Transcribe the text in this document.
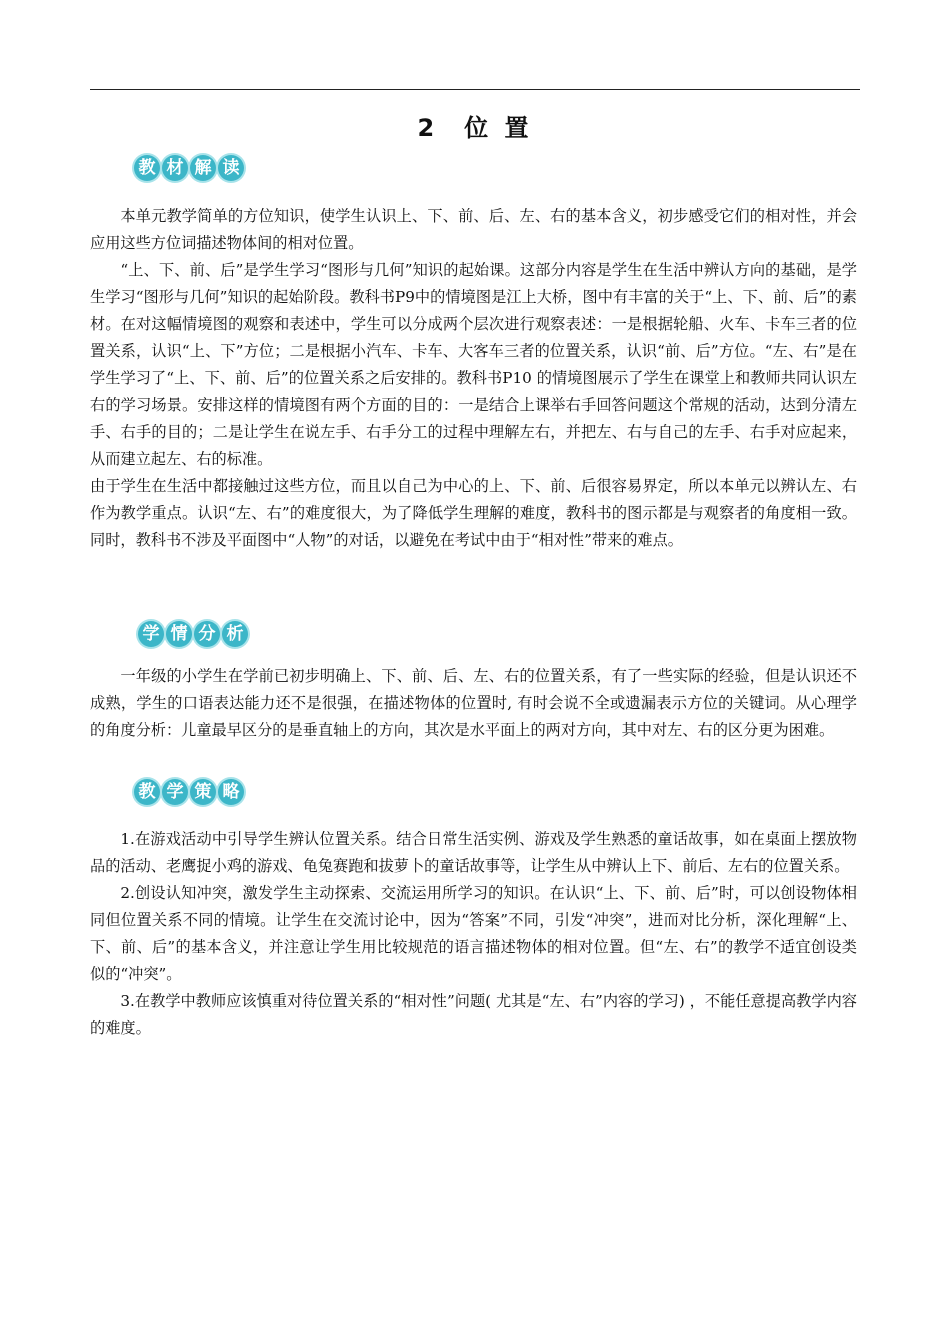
2 位 置
教 材 解 读

本单元教学简单的方位知识，使学生认识上、下、前、后、左、右的基本含义，初步感受它们的相对性，并会应用这些方位词描述物体间的相对位置。

“上、下、前、后”是学生学习“图形与几何”知识的起始课。这部分内容是学生在生活中辨认方向的基础，是学生学习“图形与几何”知识的起始阶段。教科书P9中的情境图是江上大桥，图中有丰富的关于“上、下、前、后”的素材。在对这幅情境图的观察和表述中，学生可以分成两个层次进行观察表述：一是根据轮船、火车、卡车三者的位置关系，认识“上、下”方位；二是根据小汽车、卡车、大客车三者的位置关系，认识“前、后”方位。“左、右”是在学生学习了“上、下、前、后”的位置关系之后安排的。教科书P10 的情境图展示了学生在课堂上和教师共同认识左右的学习场景。安排这样的情境图有两个方面的目的：一是结合上课举右手回答问题这个常规的活动，达到分清左手、右手的目的；二是让学生在说左手、右手分工的过程中理解左右，并把左、右与自己的左手、右手对应起来，从而建立起左、右的标准。

由于学生在生活中都接触过这些方位，而且以自己为中心的上、下、前、后很容易界定，所以本单元以辨认左、右作为教学重点。认识“左、右”的难度很大，为了降低学生理解的难度，教科书的图示都是与观察者的角度相一致。同时，教科书不涉及平面图中“人物”的对话，以避免在考试中由于“相对性”带来的难点。

学 情 分 析

一年级的小学生在学前已初步明确上、下、前、后、左、右的位置关系，有了一些实际的经验，但是认识还不成熟，学生的口语表达能力还不是很强，在描述物体的位置时, 有时会说不全或遗漏表示方位的关键词。从心理学的角度分析：儿童最早区分的是垂直轴上的方向，其次是水平面上的两对方向，其中对左、右的区分更为困难。

教 学 策 略

1.在游戏活动中引导学生辨认位置关系。结合日常生活实例、游戏及学生熟悉的童话故事，如在桌面上摆放物品的活动、老鹰捉小鸡的游戏、龟兔赛跑和拔萝卜的童话故事等，让学生从中辨认上下、前后、左右的位置关系。

2.创设认知冲突，激发学生主动探索、交流运用所学习的知识。在认识“上、下、前、后”时，可以创设物体相同但位置关系不同的情境。让学生在交流讨论中，因为“答案”不同，引发“冲突”，进而对比分析，深化理解“上、下、前、后”的基本含义，并注意让学生用比较规范的语言描述物体的相对位置。但“左、右”的教学不适宜创设类似的“冲突”。

3.在教学中教师应该慎重对待位置关系的“相对性”问题( 尤其是“左、右”内容的学习) ，不能任意提高教学内容的难度。
